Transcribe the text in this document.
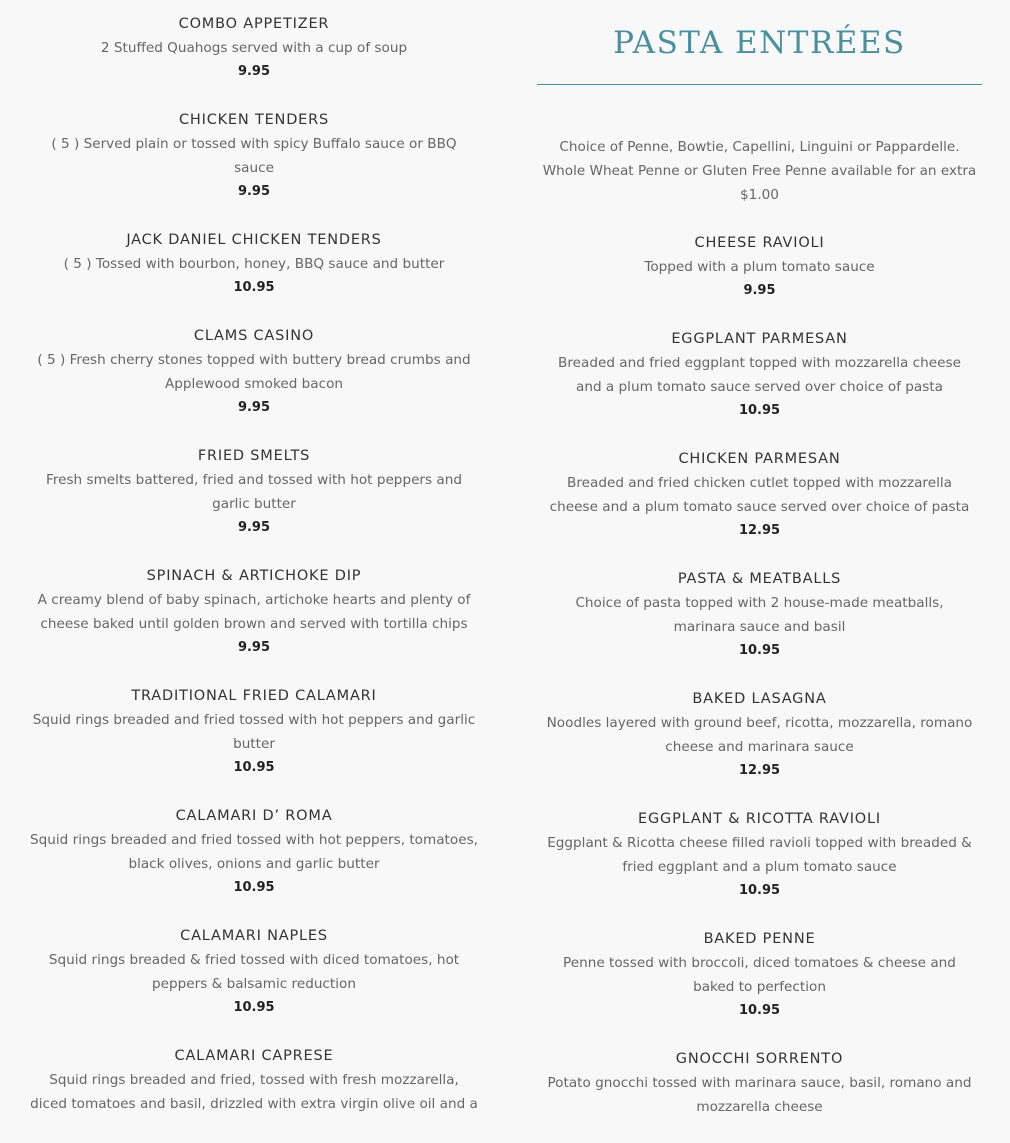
COMBO APPETIZER
2 Stuffed Quahogs served with a cup of soup
9.95
CHICKEN TENDERS
( 5 ) Served plain or tossed with spicy Buffalo sauce or BBQ sauce
9.95
JACK DANIEL CHICKEN TENDERS
( 5 ) Tossed with bourbon, honey, BBQ sauce and butter
10.95
CLAMS CASINO
( 5 ) Fresh cherry stones topped with buttery bread crumbs and Applewood smoked bacon
9.95
FRIED SMELTS
Fresh smelts battered, fried and tossed with hot peppers and garlic butter
9.95
SPINACH & ARTICHOKE DIP
A creamy blend of baby spinach, artichoke hearts and plenty of cheese baked until golden brown and served with tortilla chips
9.95
TRADITIONAL FRIED CALAMARI
Squid rings breaded and fried tossed with hot peppers and garlic butter
10.95
CALAMARI D’ ROMA
Squid rings breaded and fried tossed with hot peppers, tomatoes, black olives, onions and garlic butter
10.95
CALAMARI NAPLES
Squid rings breaded & fried tossed with diced tomatoes, hot peppers & balsamic reduction
10.95
CALAMARI CAPRESE
Squid rings breaded and fried, tossed with fresh mozzarella, diced tomatoes and basil, drizzled with extra virgin olive oil and a
PASTA ENTRÉES
Choice of Penne, Bowtie, Capellini, Linguini or Pappardelle. Whole Wheat Penne or Gluten Free Penne available for an extra $1.00
CHEESE RAVIOLI
Topped with a plum tomato sauce
9.95
EGGPLANT PARMESAN
Breaded and fried eggplant topped with mozzarella cheese and a plum tomato sauce served over choice of pasta
10.95
CHICKEN PARMESAN
Breaded and fried chicken cutlet topped with mozzarella cheese and a plum tomato sauce served over choice of pasta
12.95
PASTA & MEATBALLS
Choice of pasta topped with 2 house-made meatballs, marinara sauce and basil
10.95
BAKED LASAGNA
Noodles layered with ground beef, ricotta, mozzarella, romano cheese and marinara sauce
12.95
EGGPLANT & RICOTTA RAVIOLI
Eggplant & Ricotta cheese filled ravioli topped with breaded & fried eggplant and a plum tomato sauce
10.95
BAKED PENNE
Penne tossed with broccoli, diced tomatoes & cheese and baked to perfection
10.95
GNOCCHI SORRENTO
Potato gnocchi tossed with marinara sauce, basil, romano and mozzarella cheese
